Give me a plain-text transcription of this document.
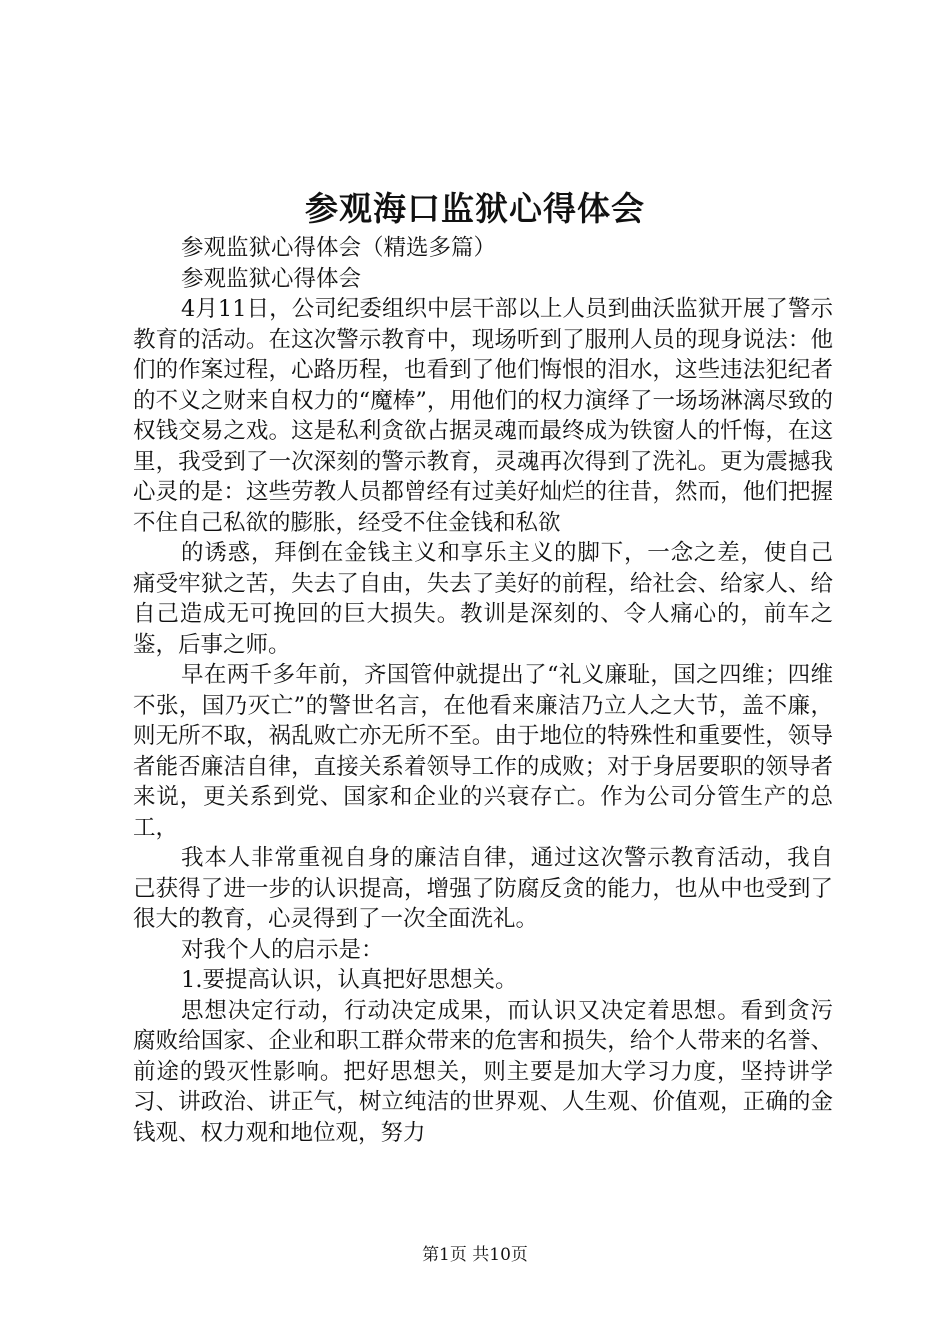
参观海口监狱心得体会

参观监狱心得体会（精选多篇）

参观监狱心得体会

4月11日，公司纪委组织中层干部以上人员到曲沃监狱开展了警示教育的活动。在这次警示教育中，现场听到了服刑人员的现身说法：他们的作案过程，心路历程，也看到了他们悔恨的泪水，这些违法犯纪者的不义之财来自权力的“魔棒”，用他们的权力演绎了一场场淋漓尽致的权钱交易之戏。这是私利贪欲占据灵魂而最终成为铁窗人的忏悔，在这里，我受到了一次深刻的警示教育，灵魂再次得到了洗礼。更为震撼我心灵的是：这些劳教人员都曾经有过美好灿烂的往昔，然而，他们把握不住自己私欲的膨胀，经受不住金钱和私欲

的诱惑，拜倒在金钱主义和享乐主义的脚下，一念之差，使自己痛受牢狱之苦，失去了自由，失去了美好的前程，给社会、给家人、给自己造成无可挽回的巨大损失。教训是深刻的、令人痛心的，前车之鉴，后事之师。

早在两千多年前，齐国管仲就提出了“礼义廉耻，国之四维；四维不张，国乃灭亡”的警世名言，在他看来廉洁乃立人之大节，盖不廉，则无所不取，祸乱败亡亦无所不至。由于地位的特殊性和重要性，领导者能否廉洁自律，直接关系着领导工作的成败；对于身居要职的领导者来说，更关系到党、国家和企业的兴衰存亡。作为公司分管生产的总工，

我本人非常重视自身的廉洁自律，通过这次警示教育活动，我自己获得了进一步的认识提高，增强了防腐反贪的能力，也从中也受到了很大的教育，心灵得到了一次全面洗礼。

对我个人的启示是：

1.要提高认识，认真把好思想关。

思想决定行动，行动决定成果，而认识又决定着思想。看到贪污腐败给国家、企业和职工群众带来的危害和损失，给个人带来的名誉、前途的毁灭性影响。把好思想关，则主要是加大学习力度，坚持讲学习、讲政治、讲正气，树立纯洁的世界观、人生观、价值观，正确的金钱观、权力观和地位观，努力

第1页 共10页
